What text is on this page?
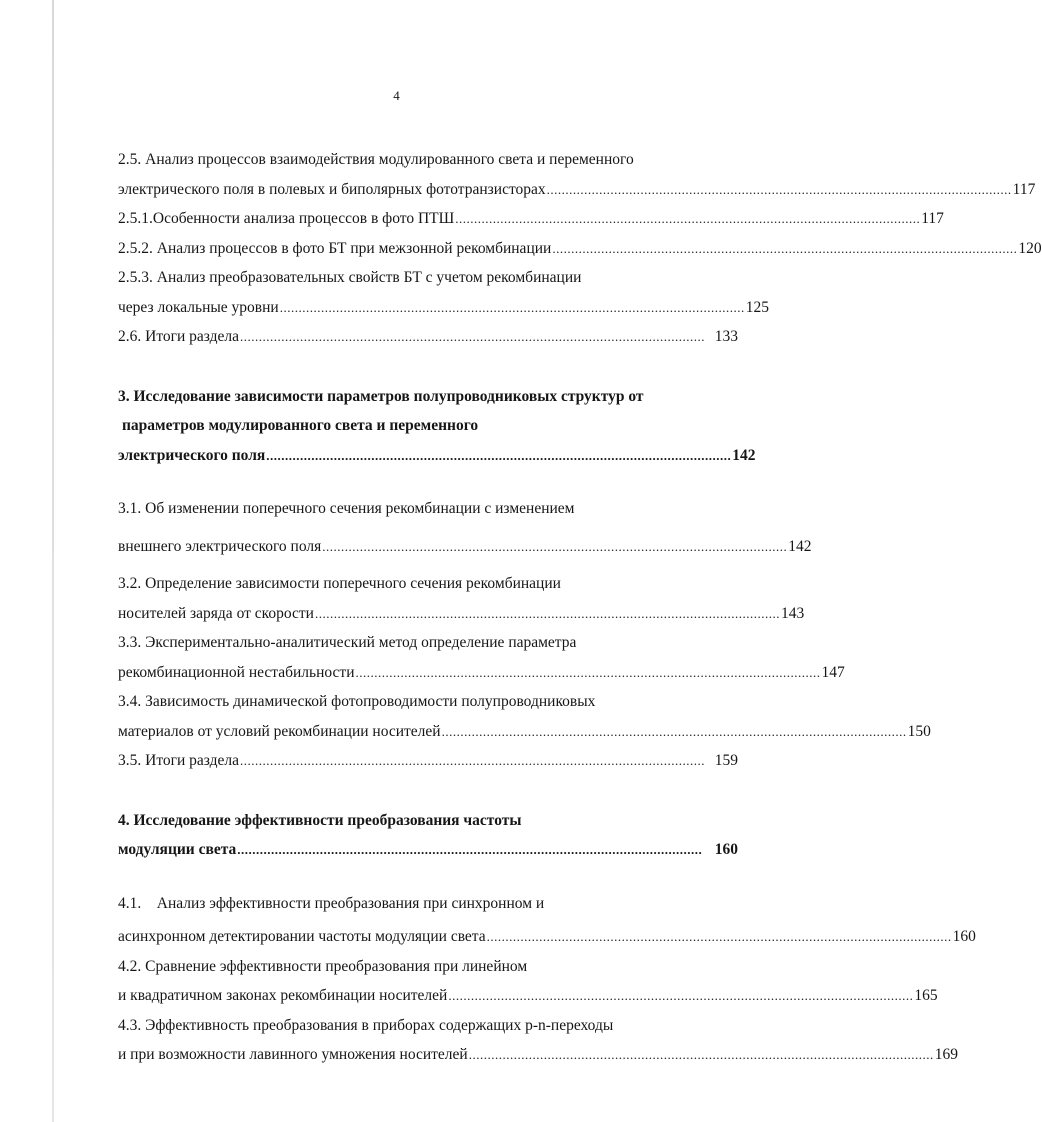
4
2.5. Анализ процессов взаимодействия модулированного света и переменного
электрического поля в полевых и биполярных фототранзисторах ............................................................................................................................ 117
2.5.1.Особенности анализа процессов в фото ПТШ ............................................................................................................................ 117
2.5.2. Анализ процессов в фото БТ при межзонной рекомбинации ............................................................................................................................ 120
2.5.3. Анализ преобразовательных свойств БТ с учетом рекомбинации
через локальные уровни ............................................................................................................................ 125
2.6. Итоги раздела ............................................................................................................................ 133
3. Исследование зависимости параметров полупроводниковых структур от
параметров модулированного света и переменного
электрического поля ............................................................................................................................ 142
3.1. Об изменении поперечного сечения рекомбинации с изменением
внешнего электрического поля ............................................................................................................................ 142
3.2. Определение зависимости поперечного сечения рекомбинации
носителей заряда от скорости ............................................................................................................................ 143
3.3. Экспериментально-аналитический метод определение параметра
рекомбинационной нестабильности ............................................................................................................................ 147
3.4. Зависимость динамической фотопроводимости полупроводниковых
материалов от условий рекомбинации носителей ............................................................................................................................ 150
3.5. Итоги раздела ............................................................................................................................ 159
4. Исследование эффективности преобразования частоты
модуляции света ............................................................................................................................ 160
4.1.    Анализ эффективности преобразования при синхронном и
асинхронном детектировании частоты модуляции света ............................................................................................................................ 160
4.2. Сравнение эффективности преобразования при линейном
и квадратичном законах рекомбинации носителей ............................................................................................................................ 165
4.3. Эффективность преобразования в приборах содержащих p-n-переходы
и при возможности лавинного умножения носителей ............................................................................................................................ 169
